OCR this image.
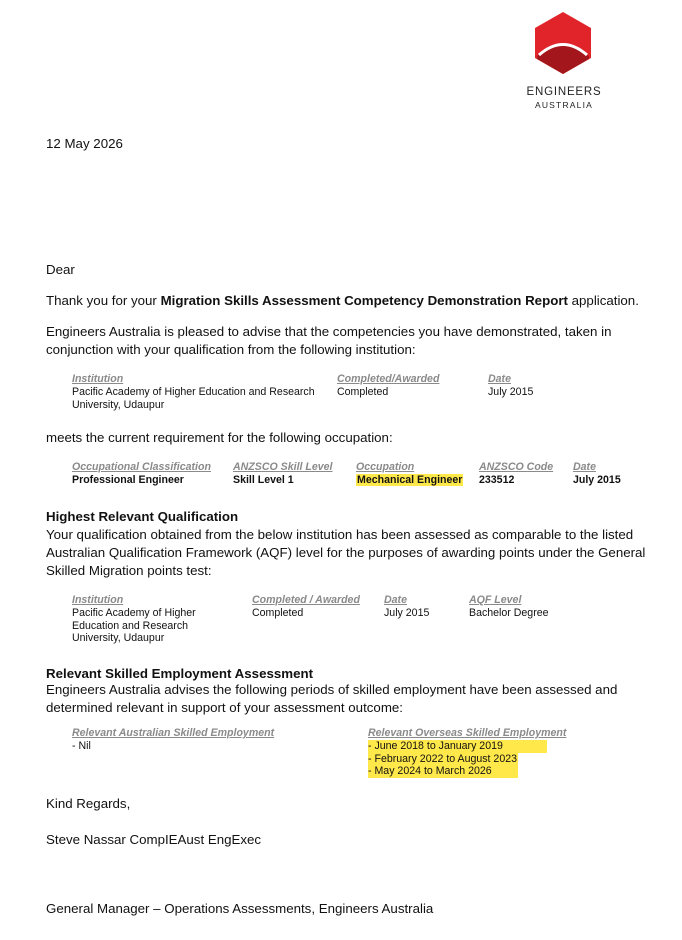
ENGINEERS
AUSTRALIA
12 May 2026
Dear
Thank you for your Migration Skills Assessment Competency Demonstration Report application.
Engineers Australia is pleased to advise that the competencies you have demonstrated, taken in conjunction with your qualification from the following institution:
Institution	Completed/Awarded	Date

Pacific Academy of Higher Education and Research
University, Udaupur	Completed	July 2015
meets the current requirement for the following occupation:
Occupational Classification	ANZSCO Skill Level	Occupation	ANZSCO Code	Date
Professional Engineer	Skill Level 1	Mechanical Engineer	233512	July 2015
Highest Relevant Qualification
Your qualification obtained from the below institution has been assessed as comparable to the listed Australian Qualification Framework (AQF) level for the purposes of awarding points under the General Skilled Migration points test:
Institution	Completed / Awarded	Date	AQF Level

Pacific Academy of Higher
Education and Research
University, Udaupur	Completed	July 2015	Bachelor Degree
Relevant Skilled Employment Assessment
Engineers Australia advises the following periods of skilled employment have been assessed and determined relevant in support of your assessment outcome:
Relevant Australian Skilled Employment	Relevant Overseas Skilled Employment

- Nil	- June 2018 to January 2019
- February 2022 to August 2023
- May 2024 to March 2026
Kind Regards,
Steve Nassar CompIEAust EngExec
General Manager – Operations Assessments, Engineers Australia
